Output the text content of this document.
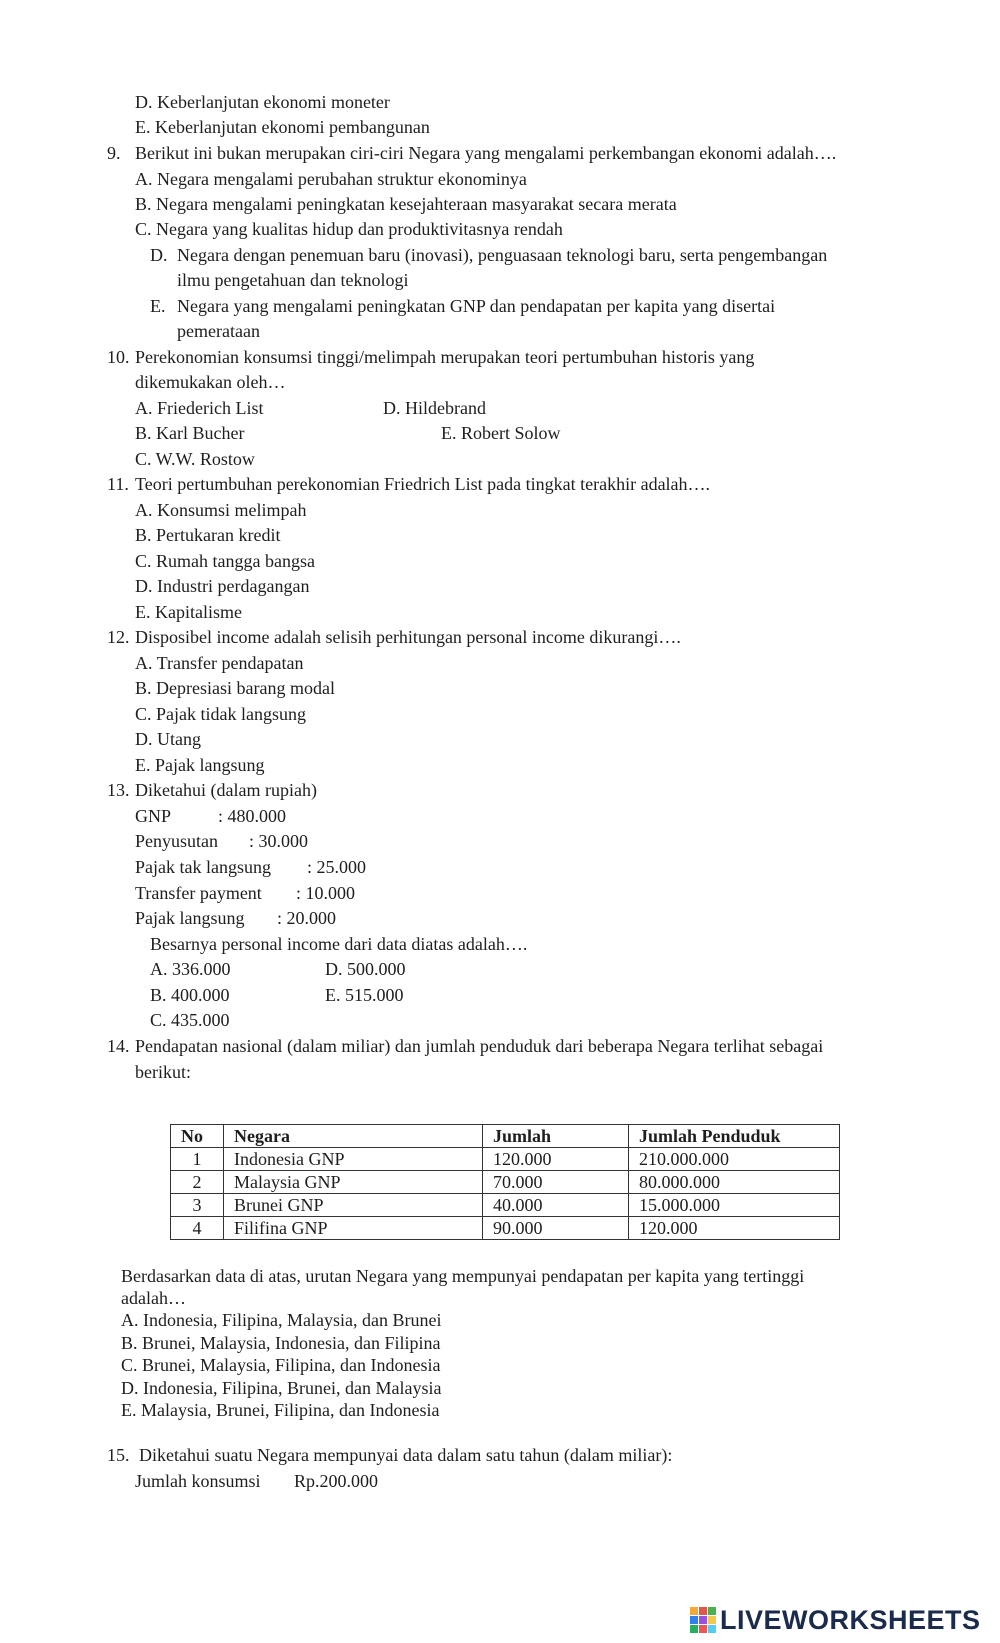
D. Keberlanjutan ekonomi moneter
E. Keberlanjutan ekonomi pembangunan
9. Berikut ini bukan merupakan ciri-ciri Negara yang mengalami perkembangan ekonomi adalah….
A. Negara mengalami perubahan struktur ekonominya
B. Negara mengalami peningkatan kesejahteraan masyarakat secara merata
C. Negara yang kualitas hidup dan produktivitasnya rendah
D. Negara dengan penemuan baru (inovasi), penguasaan teknologi baru, serta pengembangan
ilmu pengetahuan dan teknologi
E. Negara yang mengalami peningkatan GNP dan pendapatan per kapita yang disertai
pemerataan
10. Perekonomian konsumsi tinggi/melimpah merupakan teori pertumbuhan historis yang
dikemukakan oleh…
A. Friederich List	D. Hildebrand
B. Karl Bucher	E. Robert Solow
C. W.W. Rostow
11. Teori pertumbuhan perekonomian Friedrich List pada tingkat terakhir adalah….
A. Konsumsi melimpah
B. Pertukaran kredit
C. Rumah tangga bangsa
D. Industri perdagangan
E. Kapitalisme
12. Disposibel income adalah selisih perhitungan personal income dikurangi….
A. Transfer pendapatan
B. Depresiasi barang modal
C. Pajak tidak langsung
D. Utang
E. Pajak langsung
13. Diketahui (dalam rupiah)
GNP	: 480.000
Penyusutan : 30.000
Pajak tak langsung : 25.000
Transfer payment : 10.000
Pajak langsung : 20.000
Besarnya personal income dari data diatas adalah….
A. 336.000	D. 500.000
B. 400.000	E. 515.000
C. 435.000
14. Pendapatan nasional (dalam miliar) dan jumlah penduduk dari beberapa Negara terlihat sebagai
berikut:
No	Negara	Jumlah	Jumlah Penduduk
1	Indonesia GNP	120.000	210.000.000
2	Malaysia GNP	70.000	80.000.000
3	Brunei GNP	40.000	15.000.000
4	Filifina GNP	90.000	120.000
Berdasarkan data di atas, urutan Negara yang mempunyai pendapatan per kapita yang tertinggi
adalah…
A. Indonesia, Filipina, Malaysia, dan Brunei
B. Brunei, Malaysia, Indonesia, dan Filipina
C. Brunei, Malaysia, Filipina, dan Indonesia
D. Indonesia, Filipina, Brunei, dan Malaysia
E. Malaysia, Brunei, Filipina, dan Indonesia
15. Diketahui suatu Negara mempunyai data dalam satu tahun (dalam miliar):
Jumlah konsumsi Rp.200.000
LIVEWORKSHEETS
